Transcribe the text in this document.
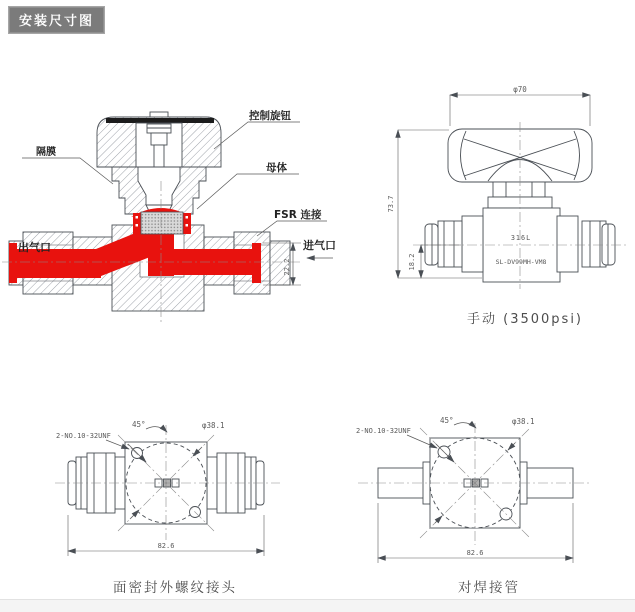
安装尺寸图
控制旋钮
隔膜
母体
FSR 连接
出气口	进气口
22.2
φ70
73.7
18.2
316L
SL-DV99MH-VM8
手动 (3500psi)
2-NO.10-32UNF
45°	φ38.1
82.6
面密封外螺纹接头
2-NO.10-32UNF
45°	φ38.1
82.6
对焊接管
